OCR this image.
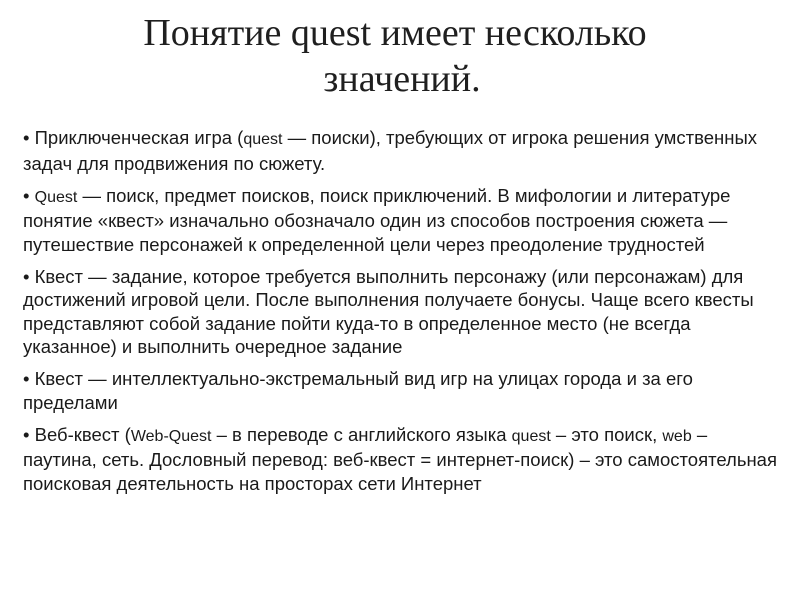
Понятие quest имеет несколько
значений.
• Приключенческая игра (quest — поиски), требующих от игрока решения умственных задач для продвижения по сюжету.
• Quest — поиск, предмет поисков, поиск приключений. В мифологии и литературе понятие «квест» изначально обозначало один из способов построения сюжета — путешествие персонажей к определенной цели через преодоление трудностей
• Квест — задание, которое требуется выполнить персонажу (или персонажам) для достижений игровой цели. После выполнения получаете бонусы. Чаще всего квесты представляют собой задание пойти куда-то в определенное место (не всегда указанное) и выполнить очередное задание
• Квест — интеллектуально-экстремальный вид игр на улицах города и за его пределами
• Веб-квест (Web-Quest – в переводе с английского языка quest – это поиск, web – паутина, сеть. Дословный перевод: веб-квест = интернет-поиск) – это самостоятельная поисковая деятельность на просторах сети Интернет
